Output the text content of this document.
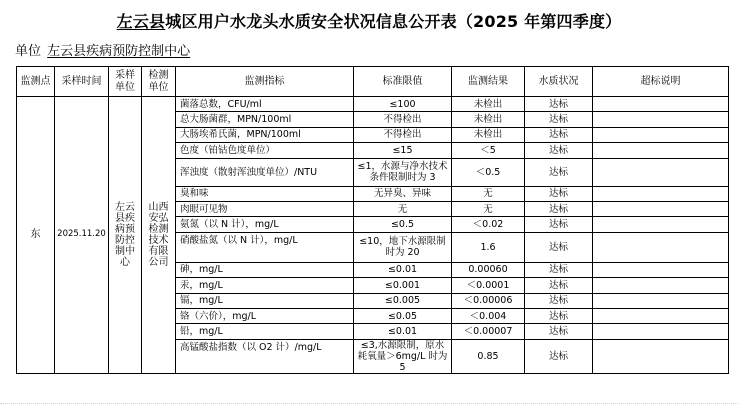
左云县城区用户水龙头水质安全状况信息公开表（2025 年第四季度）
单位 左云县疾病预防控制中心
监测点	采样时间	采样单位	检测单位	监测指标	标准限值	监测结果	水质状况	超标说明
东	2025.11.20	左云县疾病预防控制中心	山西安弘检测技术有限公司	菌落总数，CFU/ml	≤100	未检出	达标	
				总大肠菌群，MPN/100ml	不得检出	未检出	达标	
				大肠埃希氏菌，MPN/100ml	不得检出	未检出	达标	
				色度（铂钴色度单位）	≤15	＜5	达标	
				浑浊度（散射浑浊度单位）/NTU	≤1，水源与净水技术条件限制时为 3	＜0.5	达标	
				臭和味	无异臭、异味	无	达标	
				肉眼可见物	无	无	达标	
				氨氮（以 N 计），mg/L	≤0.5	＜0.02	达标	
				硝酸盐氮（以 N 计），mg/L	≤10，地下水源限制时为 20	1.6	达标	
				砷，mg/L	≤0.01	0.00060	达标	
				汞，mg/L	≤0.001	＜0.0001	达标	
				镉，mg/L	≤0.005	＜0.00006	达标	
				铬（六价），mg/L	≤0.05	＜0.004	达标	
				铅，mg/L	≤0.01	＜0.00007	达标	
				高锰酸盐指数（以 O2 计）/mg/L	≤3,水源限制，原水耗氧量＞6mg/L 时为 5	0.85	达标	
